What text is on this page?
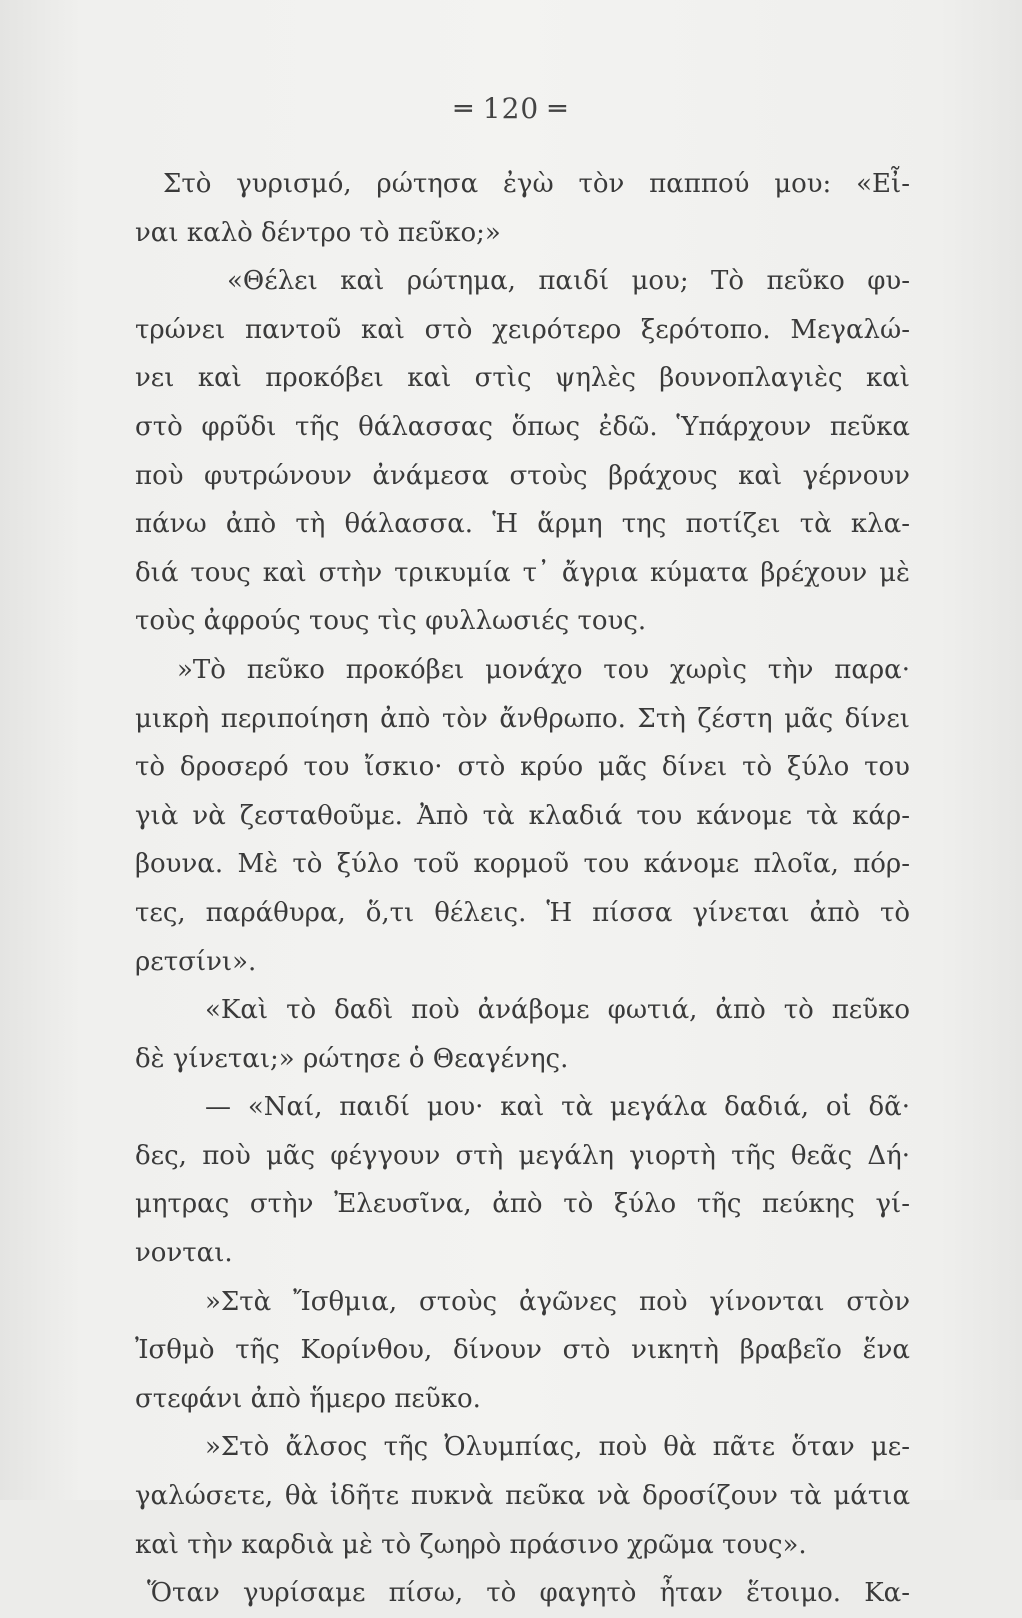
═ 120 ═
Στὸ γυρισμό, ρώτησα ἐγὼ τὸν παππού μου: «Εἶ-
ναι καλὸ δέντρο τὸ πεῦκο;»
«Θέλει καὶ ρώτημα, παιδί μου; Τὸ πεῦκο φυ-
τρώνει παντοῦ καὶ στὸ χειρότερο ξερότοπο. Μεγαλώ-
νει καὶ προκόβει καὶ στὶς ψηλὲς βουνοπλαγιὲς καὶ
στὸ φρῦδι τῆς θάλασσας ὅπως ἐδῶ. Ὑπάρχουν πεῦκα
ποὺ φυτρώνουν ἀνάμεσα στοὺς βράχους καὶ γέρνουν
πάνω ἀπὸ τὴ θάλασσα. Ἡ ἅρμη της ποτίζει τὰ κλα-
διά τους καὶ στὴν τρικυμία τ᾽ ἄγρια κύματα βρέχουν μὲ
τοὺς ἀφρούς τους τὶς φυλλωσιές τους.
»Τὸ πεῦκο προκόβει μονάχο του χωρὶς τὴν παρα·
μικρὴ περιποίηση ἀπὸ τὸν ἄνθρωπο. Στὴ ζέστη μᾶς δίνει
τὸ δροσερό του ἴσκιο· στὸ κρύο μᾶς δίνει τὸ ξύλο του
γιὰ νὰ ζεσταθοῦμε. Ἀπὸ τὰ κλαδιά του κάνομε τὰ κάρ-
βουνα. Μὲ τὸ ξύλο τοῦ κορμοῦ του κάνομε πλοῖα, πόρ-
τες, παράθυρα, ὅ,τι θέλεις. Ἡ πίσσα γίνεται ἀπὸ τὸ
ρετσίνι».
«Καὶ τὸ δαδὶ ποὺ ἀνάβομε φωτιά, ἀπὸ τὸ πεῦκο
δὲ γίνεται;» ρώτησε ὁ Θεαγένης.
— «Ναί, παιδί μου· καὶ τὰ μεγάλα δαδιά, οἱ δᾶ·
δες, ποὺ μᾶς φέγγουν στὴ μεγάλη γιορτὴ τῆς θεᾶς Δή·
μητρας στὴν Ἐλευσῖνα, ἀπὸ τὸ ξύλο τῆς πεύκης γί-
νονται.
»Στὰ Ἴσθμια, στοὺς ἀγῶνες ποὺ γίνονται στὸν
Ἰσθμὸ τῆς Κορίνθου, δίνουν στὸ νικητὴ βραβεῖο ἕνα
στεφάνι ἀπὸ ἥμερο πεῦκο.
»Στὸ ἄλσος τῆς Ὀλυμπίας, ποὺ θὰ πᾶτε ὅταν με-
γαλώσετε, θὰ ἰδῆτε πυκνὰ πεῦκα νὰ δροσίζουν τὰ μάτια
καὶ τὴν καρδιὰ μὲ τὸ ζωηρὸ πράσινο χρῶμα τους».
Ὅταν γυρίσαμε πίσω, τὸ φαγητὸ ἦταν ἕτοιμο. Κα-
